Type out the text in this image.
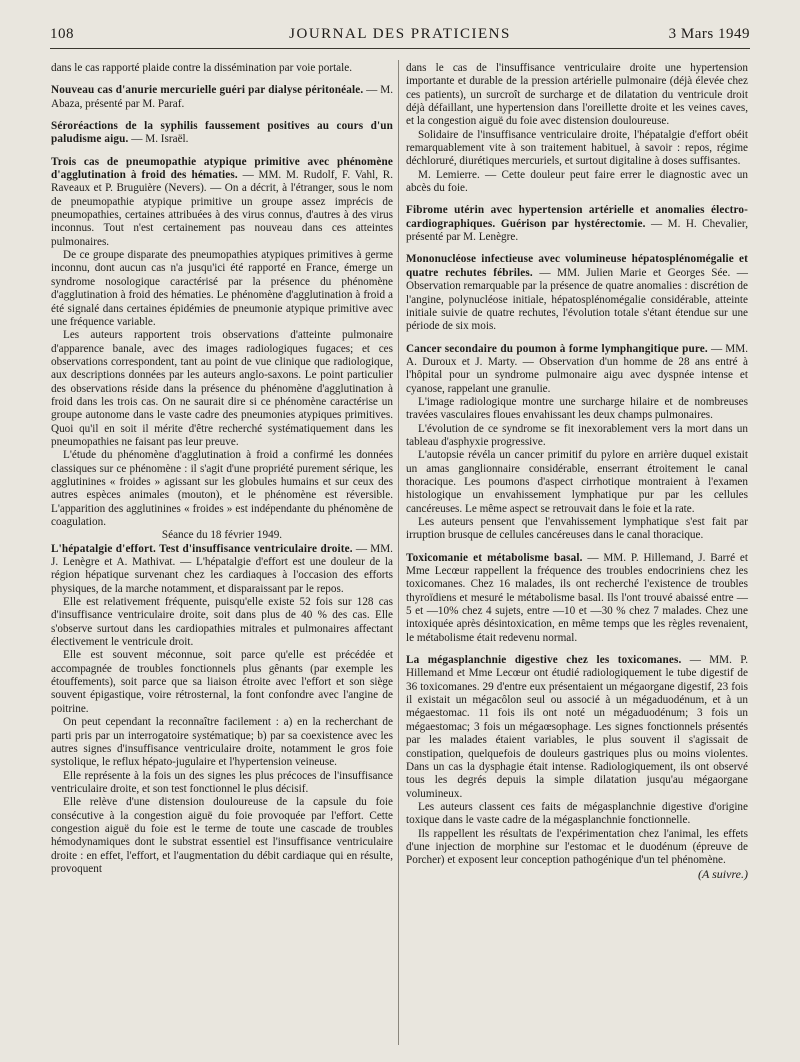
108	JOURNAL DES PRATICIENS	3 Mars 1949

dans le cas rapporté plaide contre la dissémination par voie portale.

Nouveau cas d'anurie mercurielle guéri par dialyse péritonéale. — M. Abaza, présenté par M. Paraf.

Séroréactions de la syphilis faussement positives au cours d'un paludisme aigu. — M. Israël.

Trois cas de pneumopathie atypique primitive avec phénomène d'agglutination à froid des hématies. — MM. M. Rudolf, F. Vahl, R. Raveaux et P. Bruguière (Nevers). — On a décrit, à l'étranger, sous le nom de pneumopathie atypique primitive un groupe assez imprécis de pneumopathies, certaines attribuées à des virus connus, d'autres à des virus inconnus. Tout n'est certainement pas nouveau dans ces atteintes pulmonaires.

De ce groupe disparate des pneumopathies atypiques primitives à germe inconnu, dont aucun cas n'a jusqu'ici été rapporté en France, émerge un syndrome nosologique caractérisé par la présence du phénomène d'agglutination à froid des hématies. Le phénomène d'agglutination à froid a été signalé dans certaines épidémies de pneumonie atypique primitive avec une fréquence variable.

Les auteurs rapportent trois observations d'atteinte pulmonaire d'apparence banale, avec des images radiologiques fugaces; et ces observations correspondent, tant au point de vue clinique que radiologique, aux descriptions données par les auteurs anglo-saxons. Le point particulier des observations réside dans la présence du phénomène d'agglutination à froid dans les trois cas. On ne saurait dire si ce phénomène caractérise un groupe autonome dans le vaste cadre des pneumonies atypiques primitives. Quoi qu'il en soit il mérite d'être recherché systématiquement dans les pneumopathies ne faisant pas leur preuve.

L'étude du phénomène d'agglutination à froid a confirmé les données classiques sur ce phénomène : il s'agit d'une propriété purement sérique, les agglutinines « froides » agissant sur les globules humains et sur ceux des autres espèces animales (mouton), et le phénomène est réversible. L'apparition des agglutinines « froides » est indépendante du phénomène de coagulation.

Séance du 18 février 1949.

L'hépatalgie d'effort. Test d'insuffisance ventriculaire droite. — MM. J. Lenègre et A. Mathivat. — L'hépatalgie d'effort est une douleur de la région hépatique survenant chez les cardiaques à l'occasion des efforts physiques, de la marche notamment, et disparaissant par le repos.

Elle est relativement fréquente, puisqu'elle existe 52 fois sur 128 cas d'insuffisance ventriculaire droite, soit dans plus de 40 % des cas. Elle s'observe surtout dans les cardiopathies mitrales et pulmonaires affectant électivement le ventricule droit.

Elle est souvent méconnue, soit parce qu'elle est précédée et accompagnée de troubles fonctionnels plus gênants (par exemple les étouffements), soit parce que sa liaison étroite avec l'effort et son siège souvent épigastique, voire rétrosternal, la font confondre avec l'angine de poitrine.

On peut cependant la reconnaître facilement : a) en la recherchant de parti pris par un interrogatoire systématique; b) par sa coexistence avec les autres signes d'insuffisance ventriculaire droite, notamment le gros foie systolique, le reflux hépato-jugulaire et l'hypertension veineuse.

Elle représente à la fois un des signes les plus précoces de l'insuffisance ventriculaire droite, et son test fonctionnel le plus décisif.

Elle relève d'une distension douloureuse de la capsule du foie consécutive à la congestion aiguë du foie provoquée par l'effort. Cette congestion aiguë du foie est le terme de toute une cascade de troubles hémodynamiques dont le substrat essentiel est l'insuffisance ventriculaire droite : en effet, l'effort, et l'augmentation du débit cardiaque qui en résulte, provoquent

dans le cas de l'insuffisance ventriculaire droite une hypertension importante et durable de la pression artérielle pulmonaire (déjà élevée chez ces patients), un surcroît de surcharge et de dilatation du ventricule droit déjà défaillant, une hypertension dans l'oreillette droite et les veines caves, et la congestion aiguë du foie avec distension douloureuse.

Solidaire de l'insuffisance ventriculaire droite, l'hépatalgie d'effort obéit remarquablement vite à son traitement habituel, à savoir : repos, régime déchloruré, diurétiques mercuriels, et surtout digitaline à doses suffisantes.

M. Lemierre. — Cette douleur peut faire errer le diagnostic avec un abcès du foie.

Fibrome utérin avec hypertension artérielle et anomalies électro-cardiographiques. Guérison par hystérectomie. — M. H. Chevalier, présenté par M. Lenègre.

Mononucléose infectieuse avec volumineuse hépatosplénomégalie et quatre rechutes fébriles. — MM. Julien Marie et Georges Sée. — Observation remarquable par la présence de quatre anomalies : discrétion de l'angine, polynucléose initiale, hépatosplénomégalie considérable, atteinte initiale suivie de quatre rechutes, l'évolution totale s'étant étendue sur une période de six mois.

Cancer secondaire du poumon à forme lymphangitique pure. — MM. A. Duroux et J. Marty. — Observation d'un homme de 28 ans entré à l'hôpital pour un syndrome pulmonaire aigu avec dyspnée intense et cyanose, rappelant une granulie.

L'image radiologique montre une surcharge hilaire et de nombreuses travées vasculaires floues envahissant les deux champs pulmonaires.

L'évolution de ce syndrome se fit inexorablement vers la mort dans un tableau d'asphyxie progressive.

L'autopsie révéla un cancer primitif du pylore en arrière duquel existait un amas ganglionnaire considérable, enserrant étroitement le canal thoracique. Les poumons d'aspect cirrhotique montraient à l'examen histologique un envahissement lymphatique pur par les cellules cancéreuses. Le même aspect se retrouvait dans le foie et la rate.

Les auteurs pensent que l'envahissement lymphatique s'est fait par irruption brusque de cellules cancéreuses dans le canal thoracique.

Toxicomanie et métabolisme basal. — MM. P. Hillemand, J. Barré et Mme Lecœur rappellent la fréquence des troubles endocriniens chez les toxicomanes. Chez 16 malades, ils ont recherché l'existence de troubles thyroïdiens et mesuré le métabolisme basal. Ils l'ont trouvé abaissé entre —5 et —10% chez 4 sujets, entre —10 et —30 % chez 7 malades. Chez une intoxiquée après désintoxication, en même temps que les règles revenaient, le métabolisme était redevenu normal.

La mégasplanchnie digestive chez les toxicomanes. — MM. P. Hillemand et Mme Lecœur ont étudié radiologiquement le tube digestif de 36 toxicomanes. 29 d'entre eux présentaient un mégaorgane digestif, 23 fois il existait un mégacôlon seul ou associé à un mégaduodénum, et à un mégaestomac. 11 fois ils ont noté un mégaduodénum; 3 fois un mégaestomac; 3 fois un mégaœsophage. Les signes fonctionnels présentés par les malades étaient variables, le plus souvent il s'agissait de constipation, quelquefois de douleurs gastriques plus ou moins violentes. Dans un cas la dysphagie était intense. Radiologiquement, ils ont observé tous les degrés depuis la simple dilatation jusqu'au mégaorgane volumineux.

Les auteurs classent ces faits de mégasplanchnie digestive d'origine toxique dans le vaste cadre de la mégasplanchnie fonctionnelle.

Ils rappellent les résultats de l'expérimentation chez l'animal, les effets d'une injection de morphine sur l'estomac et le duodénum (épreuve de Porcher) et exposent leur conception pathogénique d'un tel phénomène.

(A suivre.)
